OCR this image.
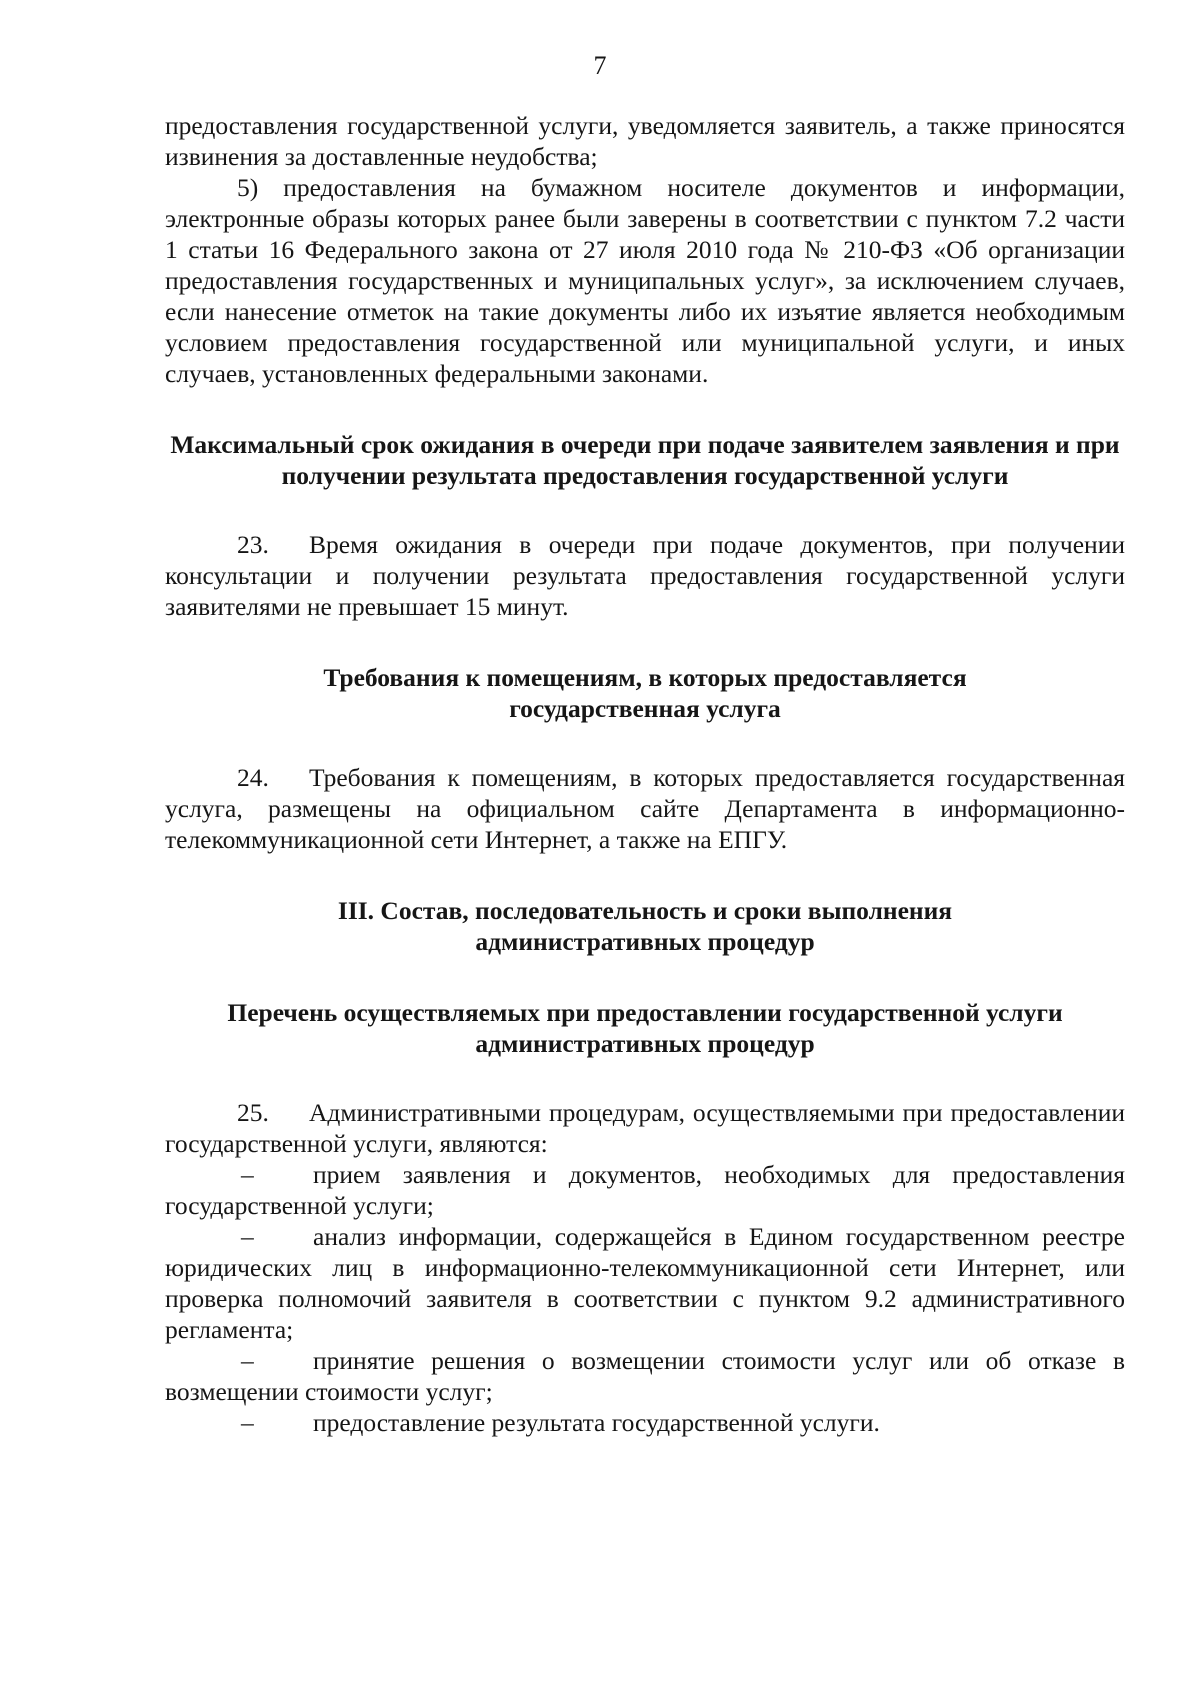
7

предоставления государственной услуги, уведомляется заявитель, а также приносятся извинения за доставленные неудобства;

5) предоставления на бумажном носителе документов и информации, электронные образы которых ранее были заверены в соответствии с пунктом 7.2 части 1 статьи 16 Федерального закона от 27 июля 2010 года № 210-ФЗ «Об организации предоставления государственных и муниципальных услуг», за исключением случаев, если нанесение отметок на такие документы либо их изъятие является необходимым условием предоставления государственной или муниципальной услуги, и иных случаев, установленных федеральными законами.

Максимальный срок ожидания в очереди при подаче заявителем заявления и при получении результата предоставления государственной услуги

23. Время ожидания в очереди при подаче документов, при получении консультации и получении результата предоставления государственной услуги заявителями не превышает 15 минут.

Требования к помещениям, в которых предоставляется
государственная услуга

24. Требования к помещениям, в которых предоставляется государственная услуга, размещены на официальном сайте Департамента в информационно-телекоммуникационной сети Интернет, а также на ЕПГУ.

III. Состав, последовательность и сроки выполнения
административных процедур
Перечень осуществляемых при предоставлении государственной услуги
административных процедур

25. Административными процедурам, осуществляемыми при предоставлении государственной услуги, являются:

– прием заявления и документов, необходимых для предоставления государственной услуги;

– анализ информации, содержащейся в Едином государственном реестре юридических лиц в информационно-телекоммуникационной сети Интернет, или проверка полномочий заявителя в соответствии с пунктом 9.2 административного регламента;

– принятие решения о возмещении стоимости услуг или об отказе в возмещении стоимости услуг;

– предоставление результата государственной услуги.
